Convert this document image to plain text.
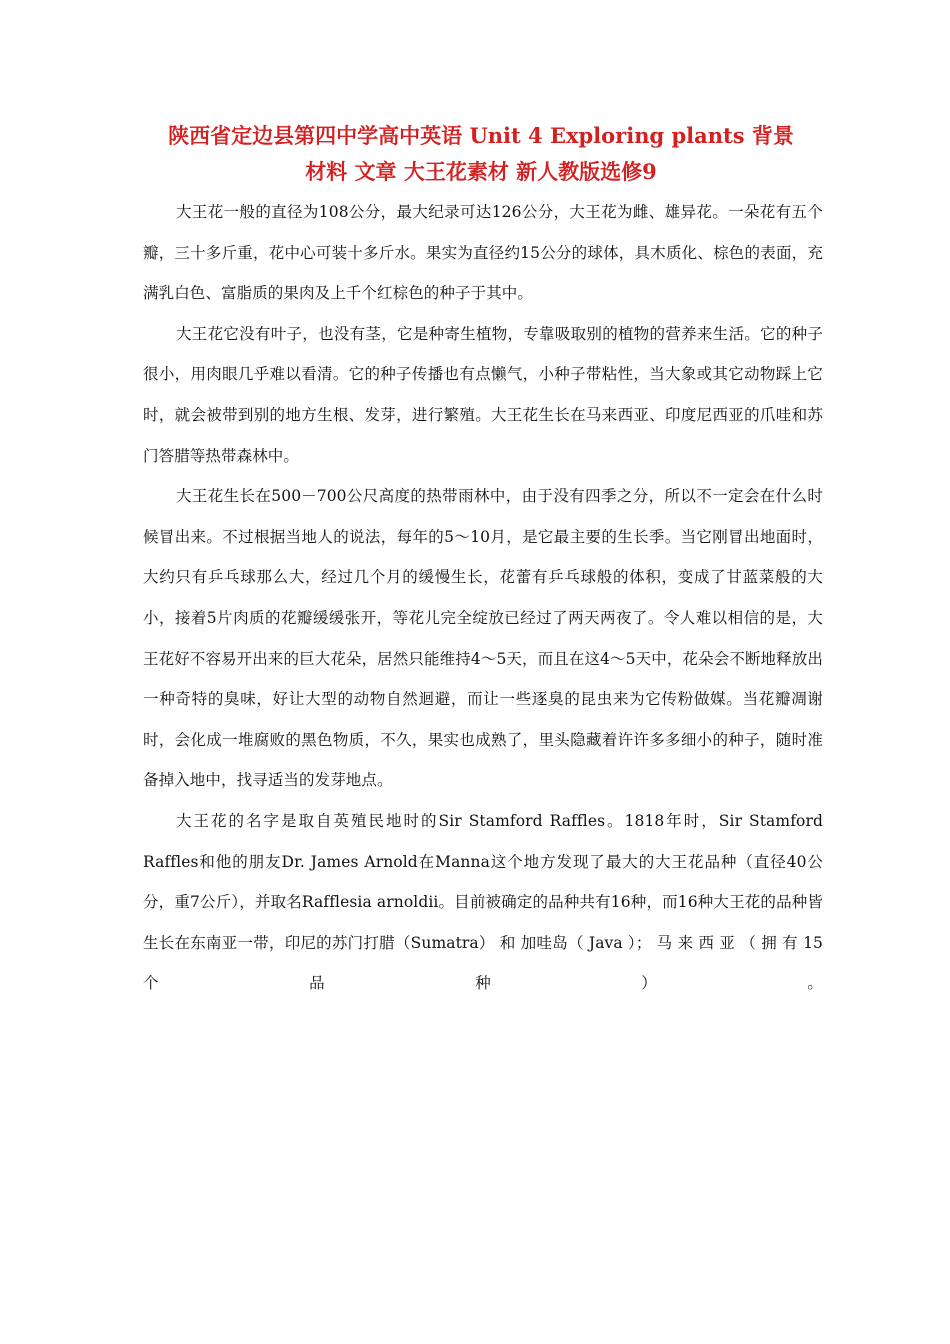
陕西省定边县第四中学高中英语 Unit 4 Exploring plants 背景
材料 文章 大王花素材 新人教版选修9

大王花一般的直径为108公分，最大纪录可达126公分，大王花为雌、雄异花。一朵花有五个瓣，三十多斤重，花中心可装十多斤水。果实为直径约15公分的球体，具木质化、棕色的表面，充满乳白色、富脂质的果肉及上千个红棕色的种子于其中。

大王花它没有叶子，也没有茎，它是种寄生植物，专靠吸取别的植物的营养来生活。它的种子很小，用肉眼几乎难以看清。它的种子传播也有点懒气，小种子带粘性，当大象或其它动物踩上它时，就会被带到别的地方生根、发芽，进行繁殖。大王花生长在马来西亚、印度尼西亚的爪哇和苏门答腊等热带森林中。

大王花生长在500－700公尺高度的热带雨林中，由于没有四季之分，所以不一定会在什么时候冒出来。不过根据当地人的说法，每年的5～10月，是它最主要的生长季。当它刚冒出地面时，大约只有乒乓球那么大，经过几个月的缓慢生长，花蕾有乒乓球般的体积，变成了甘蓝菜般的大小，接着5片肉质的花瓣缓缓张开，等花儿完全绽放已经过了两天两夜了。令人难以相信的是，大王花好不容易开出来的巨大花朵，居然只能维持4～5天，而且在这4～5天中，花朵会不断地释放出一种奇特的臭味，好让大型的动物自然迴避，而让一些逐臭的昆虫来为它传粉做媒。当花瓣凋谢时，会化成一堆腐败的黑色物质，不久，果实也成熟了，里头隐藏着许许多多细小的种子，随时准备掉入地中，找寻适当的发芽地点。

大王花的名字是取自英殖民地时的Sir Stamford Raffles。1818年时，Sir Stamford Raffles和他的朋友Dr. James Arnold在Manna这个地方发现了最大的大王花品种（直径40公分，重7公斤），并取名Rafflesia arnoldii。目前被确定的品种共有16种，而16种大王花的品种皆生长在东南亚一带，印尼的苏门打腊（Sumatra） 和 加哇岛（ Java ）； 马 来 西 亚 （ 拥 有 15 个 品 种 ） 。
